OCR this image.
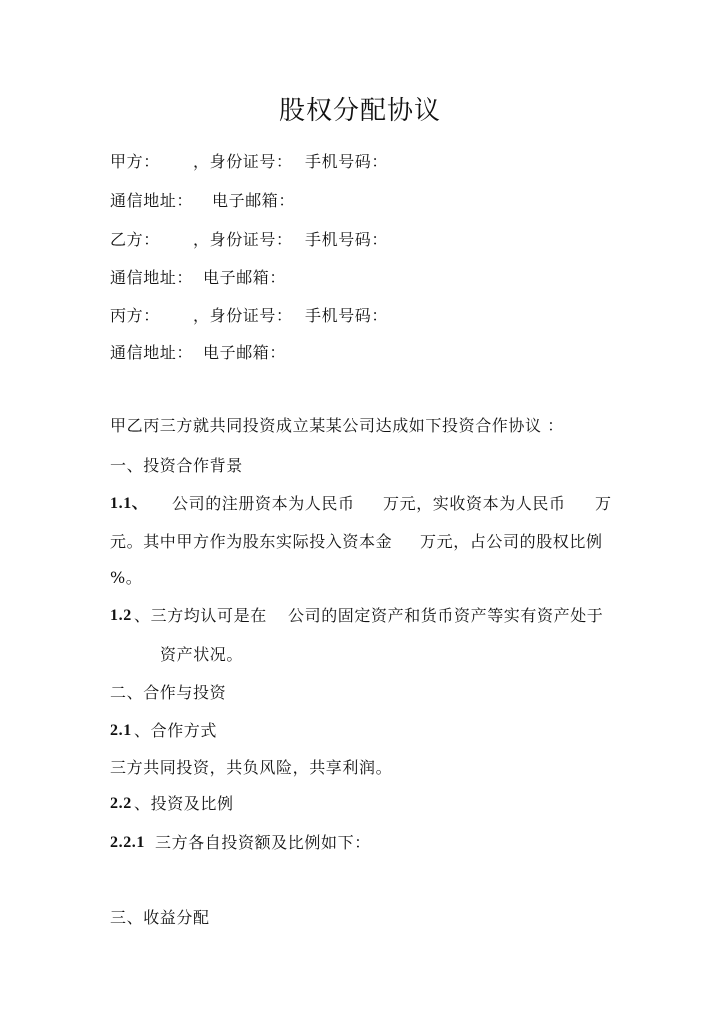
股权分配协议
甲方： ，身份证号： 手机号码：
通信地址： 电子邮箱：
乙方： ，身份证号： 手机号码：
通信地址： 电子邮箱：
丙方： ，身份证号： 手机号码：
通信地址： 电子邮箱：
甲乙丙三方就共同投资成立某某公司达成如下投资合作协议 ：
一、投资合作背景
1.1、 公司的注册资本为人民币 万元，实收资本为人民币 万
元。其中甲方作为股东实际投入资本金 万元，占公司的股权比例
%。
1.2 、三方均认可是在 公司的固定资产和货币资产等实有资产处于
资产状况。
二、合作与投资
2.1 、合作方式
三方共同投资，共负风险，共享利润。
2.2 、投资及比例
2.2.1 三方各自投资额及比例如下：
三、收益分配
